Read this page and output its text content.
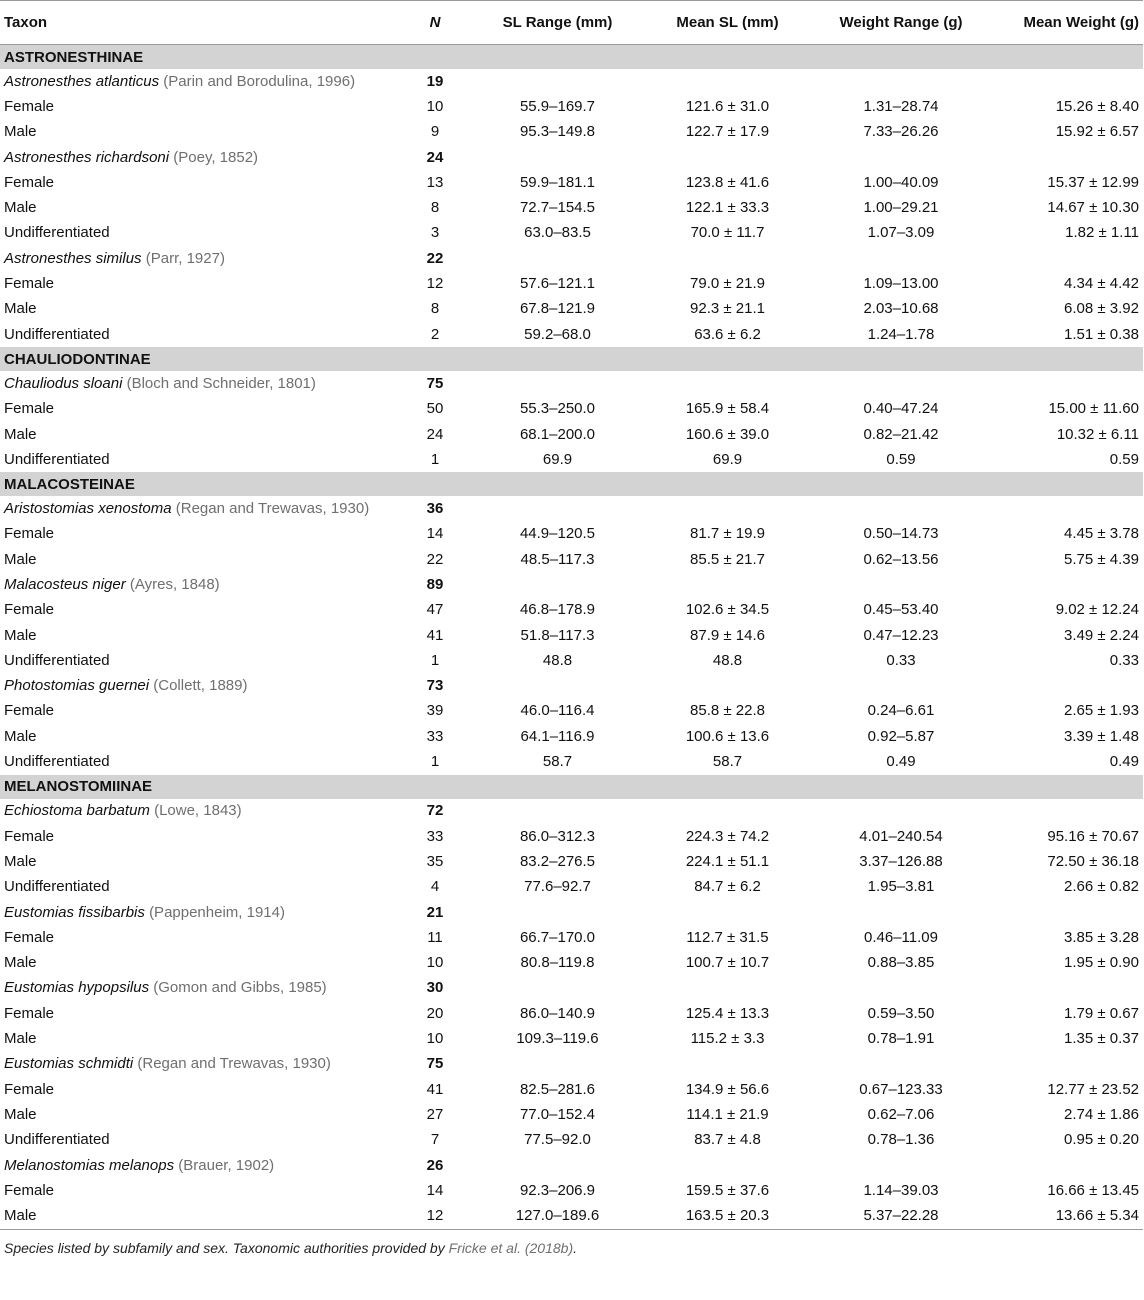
Taxon	N	SL Range (mm)	Mean SL (mm)	Weight Range (g)	Mean Weight (g)
ASTRONESTHINAE					
Astronesthes atlanticus (Parin and Borodulina, 1996)	19				
Female	10	55.9–169.7	121.6 ± 31.0	1.31–28.74	15.26 ± 8.40
Male	9	95.3–149.8	122.7 ± 17.9	7.33–26.26	15.92 ± 6.57
Astronesthes richardsoni (Poey, 1852)	24				
Female	13	59.9–181.1	123.8 ± 41.6	1.00–40.09	15.37 ± 12.99
Male	8	72.7–154.5	122.1 ± 33.3	1.00–29.21	14.67 ± 10.30
Undifferentiated	3	63.0–83.5	70.0 ± 11.7	1.07–3.09	1.82 ± 1.11
Astronesthes similus (Parr, 1927)	22				
Female	12	57.6–121.1	79.0 ± 21.9	1.09–13.00	4.34 ± 4.42
Male	8	67.8–121.9	92.3 ± 21.1	2.03–10.68	6.08 ± 3.92
Undifferentiated	2	59.2–68.0	63.6 ± 6.2	1.24–1.78	1.51 ± 0.38
CHAULIODONTINAE					
Chauliodus sloani (Bloch and Schneider, 1801)	75				
Female	50	55.3–250.0	165.9 ± 58.4	0.40–47.24	15.00 ± 11.60
Male	24	68.1–200.0	160.6 ± 39.0	0.82–21.42	10.32 ± 6.11
Undifferentiated	1	69.9	69.9	0.59	0.59
MALACOSTEINAE					
Aristostomias xenostoma (Regan and Trewavas, 1930)	36				
Female	14	44.9–120.5	81.7 ± 19.9	0.50–14.73	4.45 ± 3.78
Male	22	48.5–117.3	85.5 ± 21.7	0.62–13.56	5.75 ± 4.39
Malacosteus niger (Ayres, 1848)	89				
Female	47	46.8–178.9	102.6 ± 34.5	0.45–53.40	9.02 ± 12.24
Male	41	51.8–117.3	87.9 ± 14.6	0.47–12.23	3.49 ± 2.24
Undifferentiated	1	48.8	48.8	0.33	0.33
Photostomias guernei (Collett, 1889)	73				
Female	39	46.0–116.4	85.8 ± 22.8	0.24–6.61	2.65 ± 1.93
Male	33	64.1–116.9	100.6 ± 13.6	0.92–5.87	3.39 ± 1.48
Undifferentiated	1	58.7	58.7	0.49	0.49
MELANOSTOMIINAE					
Echiostoma barbatum (Lowe, 1843)	72				
Female	33	86.0–312.3	224.3 ± 74.2	4.01–240.54	95.16 ± 70.67
Male	35	83.2–276.5	224.1 ± 51.1	3.37–126.88	72.50 ± 36.18
Undifferentiated	4	77.6–92.7	84.7 ± 6.2	1.95–3.81	2.66 ± 0.82
Eustomias fissibarbis (Pappenheim, 1914)	21				
Female	11	66.7–170.0	112.7 ± 31.5	0.46–11.09	3.85 ± 3.28
Male	10	80.8–119.8	100.7 ± 10.7	0.88–3.85	1.95 ± 0.90
Eustomias hypopsilus (Gomon and Gibbs, 1985)	30				
Female	20	86.0–140.9	125.4 ± 13.3	0.59–3.50	1.79 ± 0.67
Male	10	109.3–119.6	115.2 ± 3.3	0.78–1.91	1.35 ± 0.37
Eustomias schmidti (Regan and Trewavas, 1930)	75				
Female	41	82.5–281.6	134.9 ± 56.6	0.67–123.33	12.77 ± 23.52
Male	27	77.0–152.4	114.1 ± 21.9	0.62–7.06	2.74 ± 1.86
Undifferentiated	7	77.5–92.0	83.7 ± 4.8	0.78–1.36	0.95 ± 0.20
Melanostomias melanops (Brauer, 1902)	26				
Female	14	92.3–206.9	159.5 ± 37.6	1.14–39.03	16.66 ± 13.45
Male	12	127.0–189.6	163.5 ± 20.3	5.37–22.28	13.66 ± 5.34
Species listed by subfamily and sex. Taxonomic authorities provided by Fricke et al. (2018b).
